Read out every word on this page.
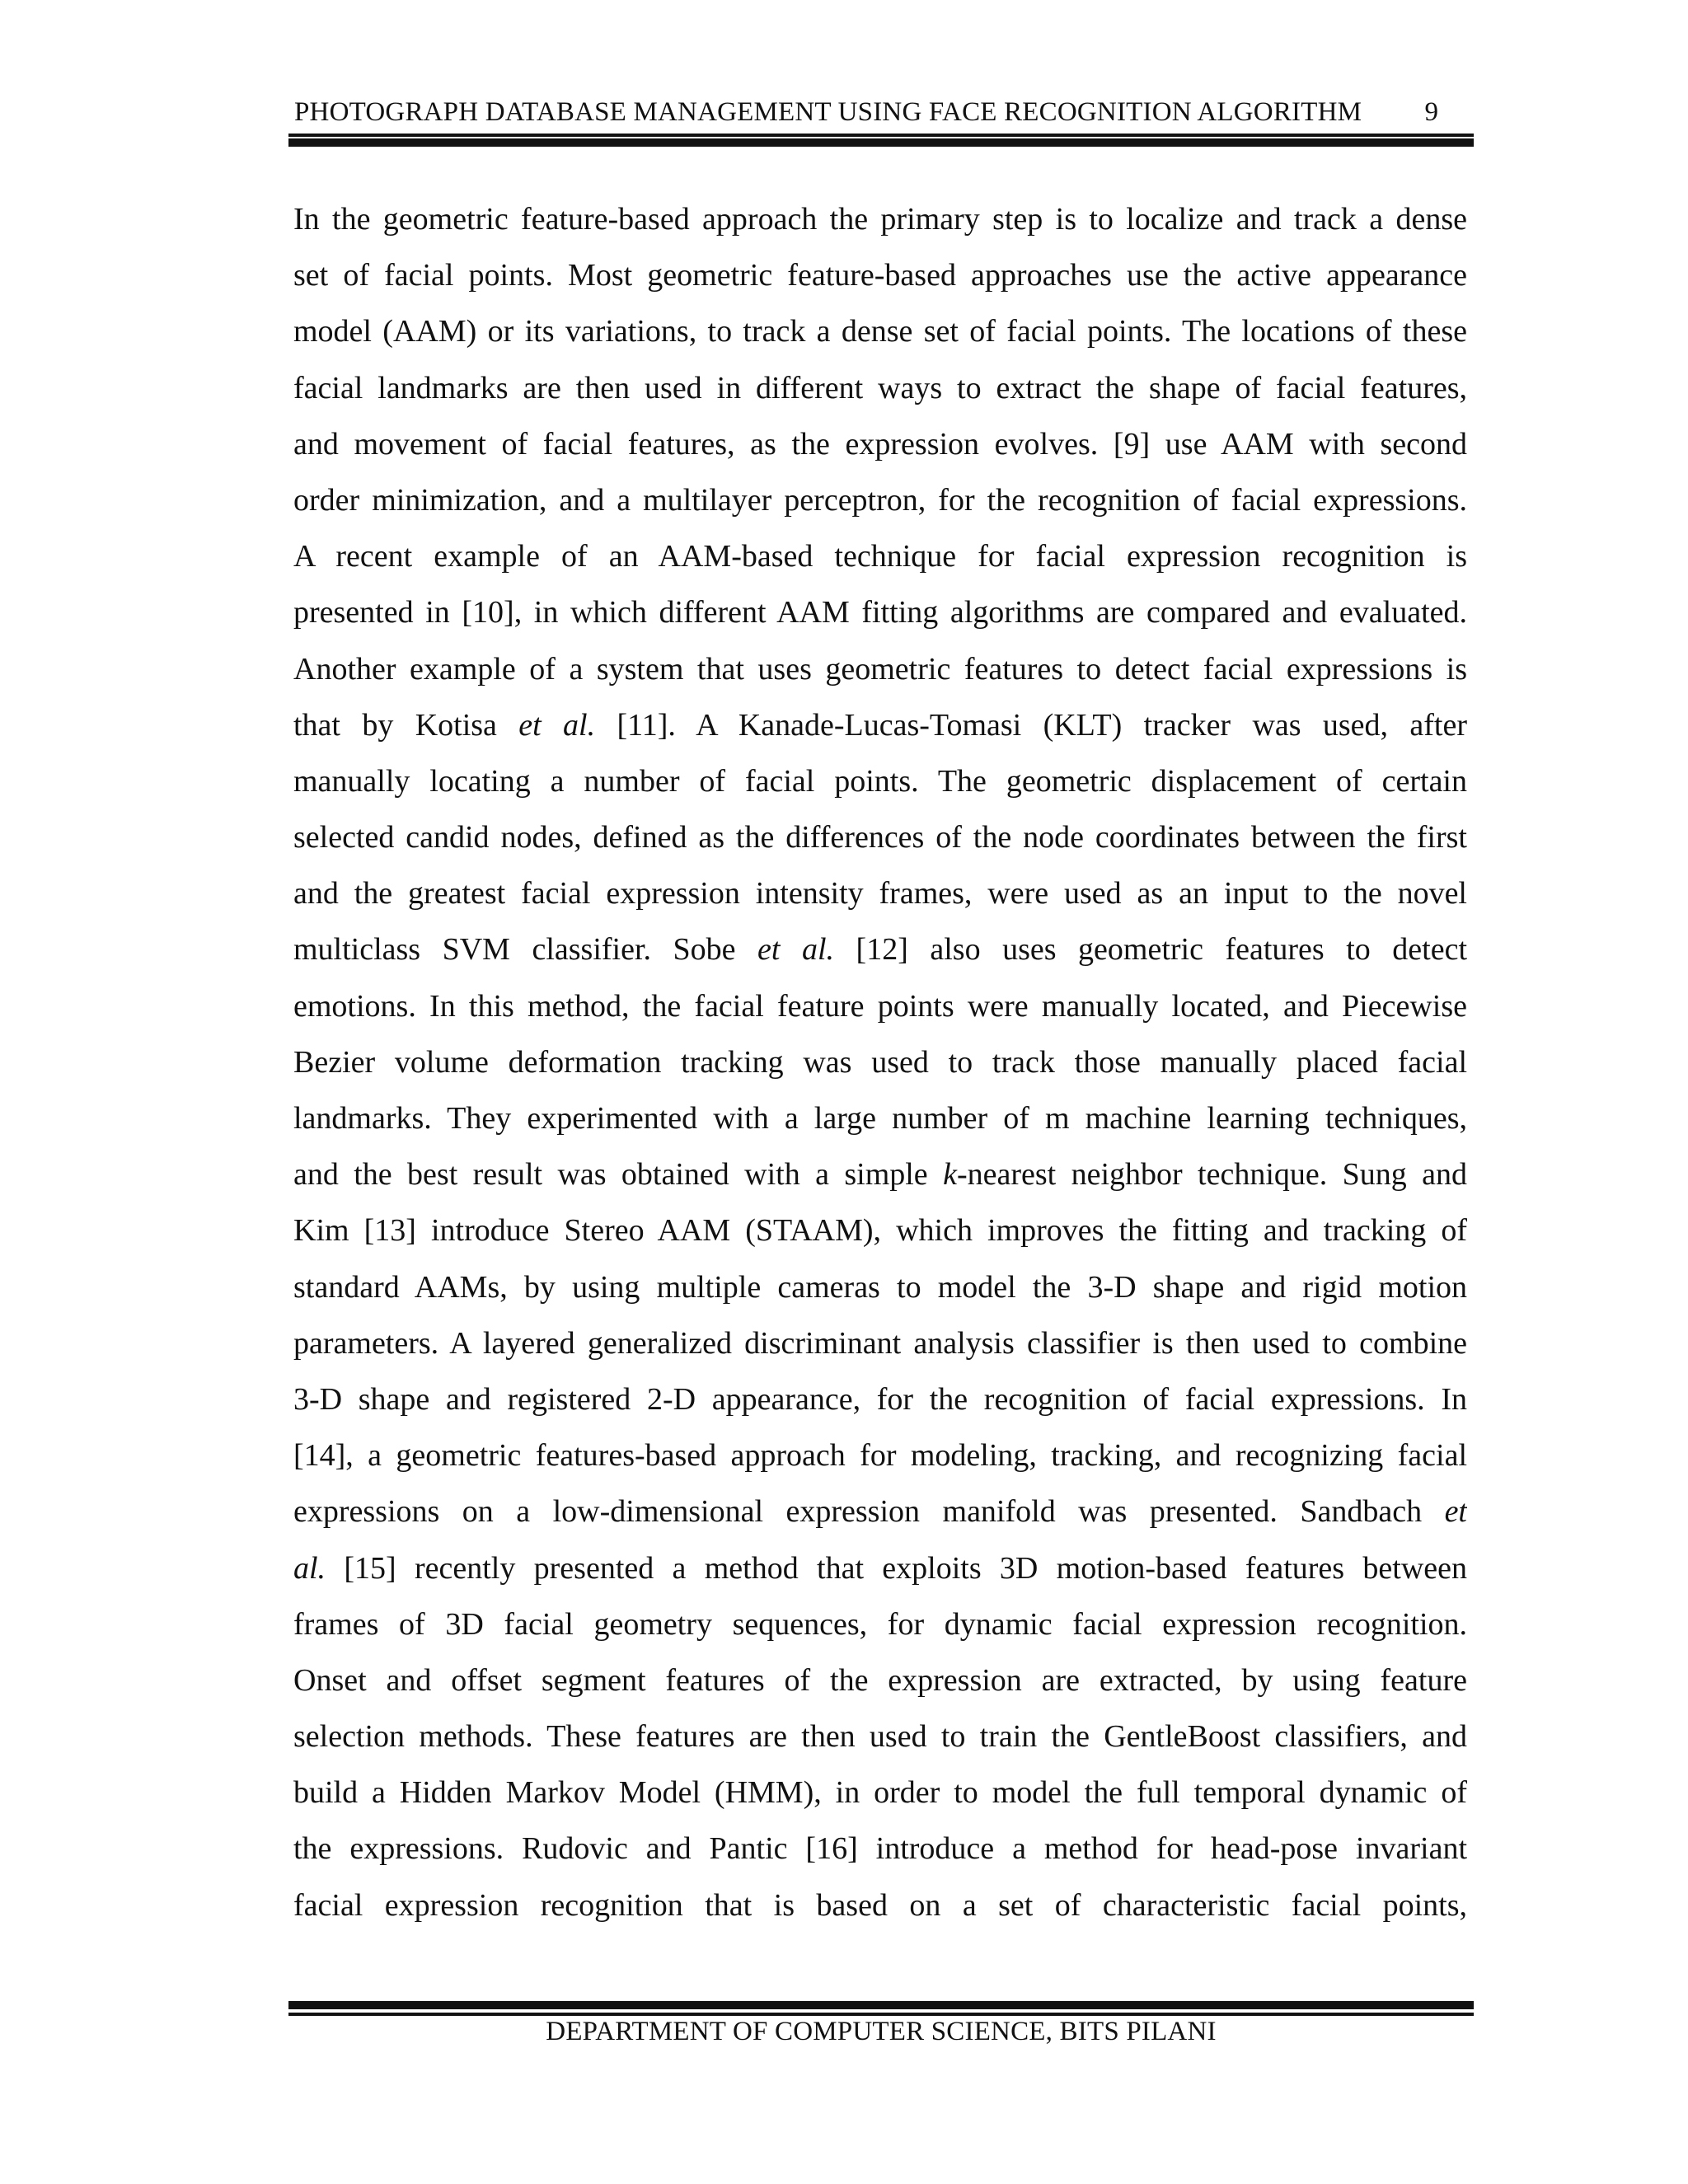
PHOTOGRAPH DATABASE MANAGEMENT USING FACE RECOGNITION ALGORITHM 9
In the geometric feature-based approach the primary step is to localize and track a dense
set of facial points. Most geometric feature-based approaches use the active appearance
model (AAM) or its variations, to track a dense set of facial points. The locations of these
facial landmarks are then used in different ways to extract the shape of facial features,
and movement of facial features, as the expression evolves. [9] use AAM with second
order minimization, and a multilayer perceptron, for the recognition of facial expressions.
A recent example of an AAM-based technique for facial expression recognition is
presented in [10], in which different AAM fitting algorithms are compared and evaluated.
Another example of a system that uses geometric features to detect facial expressions is
that by Kotisa et al. [11]. A Kanade-Lucas-Tomasi (KLT) tracker was used, after
manually locating a number of facial points. The geometric displacement of certain
selected candid nodes, defined as the differences of the node coordinates between the first
and the greatest facial expression intensity frames, were used as an input to the novel
multiclass SVM classifier. Sobe et al. [12] also uses geometric features to detect
emotions. In this method, the facial feature points were manually located, and Piecewise
Bezier volume deformation tracking was used to track those manually placed facial
landmarks. They experimented with a large number of m machine learning techniques,
and the best result was obtained with a simple k-nearest neighbor technique. Sung and
Kim [13] introduce Stereo AAM (STAAM), which improves the fitting and tracking of
standard AAMs, by using multiple cameras to model the 3-D shape and rigid motion
parameters. A layered generalized discriminant analysis classifier is then used to combine
3-D shape and registered 2-D appearance, for the recognition of facial expressions. In
[14], a geometric features-based approach for modeling, tracking, and recognizing facial
expressions on a low-dimensional expression manifold was presented. Sandbach et
al. [15] recently presented a method that exploits 3D motion-based features between
frames of 3D facial geometry sequences, for dynamic facial expression recognition.
Onset and offset segment features of the expression are extracted, by using feature
selection methods. These features are then used to train the GentleBoost classifiers, and
build a Hidden Markov Model (HMM), in order to model the full temporal dynamic of
the expressions. Rudovic and Pantic [16] introduce a method for head-pose invariant
facial expression recognition that is based on a set of characteristic facial points,
DEPARTMENT OF COMPUTER SCIENCE, BITS PILANI
